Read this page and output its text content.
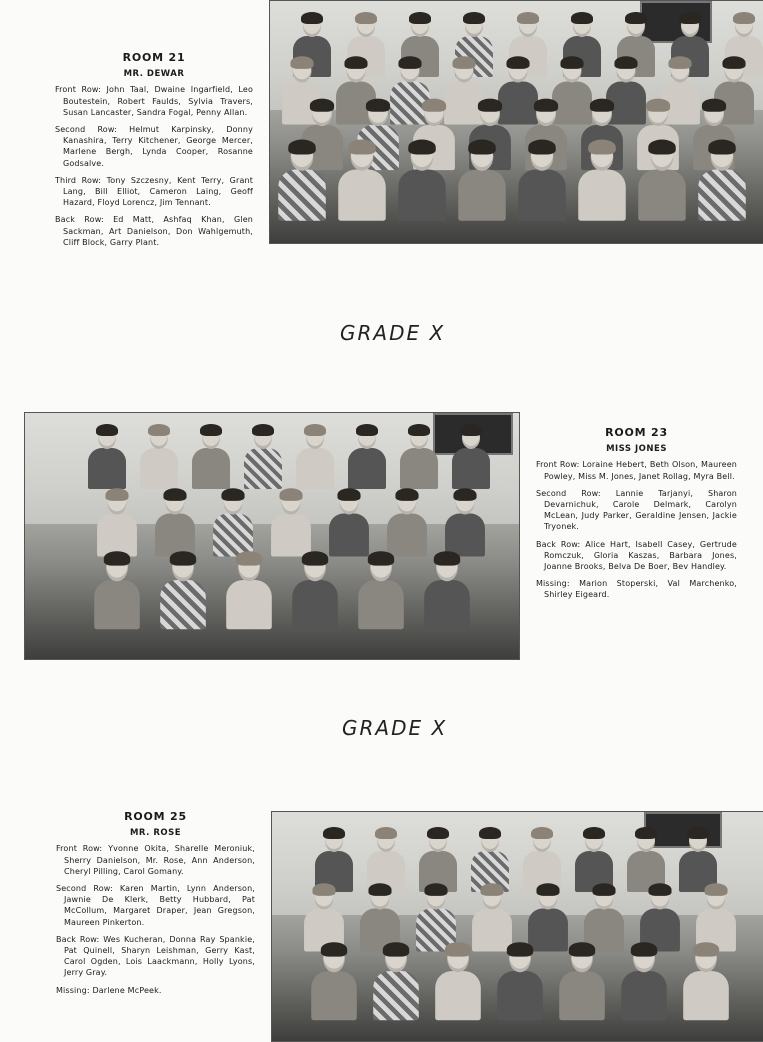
ROOM 21
MR. DEWAR

Front Row: John Taal, Dwaine Ingarfield, Leo Boutestein, Robert Faulds, Sylvia Travers, Susan Lancaster, Sandra Fogal, Penny Allan.

Second Row: Helmut Karpinsky, Donny Kanashira, Terry Kitchener, George Mercer, Marlene Bergh, Lynda Cooper, Rosanne Godsalve.

Third Row: Tony Szczesny, Kent Terry, Grant Lang, Bill Elliot, Cameron Laing, Geoff Hazard, Floyd Lorencz, Jim Tennant.

Back Row: Ed Matt, Ashfaq Khan, Glen Sackman, Art Danielson, Don Wahlgemuth, Cliff Block, Garry Plant.

GRADE X
ROOM 23
MISS JONES

Front Row: Loraine Hebert, Beth Olson, Maureen Powley, Miss M. Jones, Janet Rollag, Myra Bell.

Second Row: Lannie Tarjanyi, Sharon Devarnichuk, Carole Delmark, Carolyn McLean, Judy Parker, Geraldine Jensen, Jackie Tryonek.

Back Row: Alice Hart, Isabell Casey, Gertrude Romczuk, Gloria Kaszas, Barbara Jones, Joanne Brooks, Belva De Boer, Bev Handley.

Missing: Marion Stoperski, Val Marchenko, Shirley Eigeard.

GRADE X
ROOM 25
MR. ROSE

Front Row: Yvonne Okita, Sharelle Meroniuk, Sherry Danielson, Mr. Rose, Ann Anderson, Cheryl Pilling, Carol Gomany.

Second Row: Karen Martin, Lynn Anderson, Jawnie De Klerk, Betty Hubbard, Pat McCollum, Margaret Draper, Jean Gregson, Maureen Pinkerton.

Back Row: Wes Kucheran, Donna Ray Spankie, Pat Quinell, Sharyn Leishman, Gerry Kast, Carol Ogden, Lois Laackmann, Holly Lyons, Jerry Gray.

Missing: Darlene McPeek.
